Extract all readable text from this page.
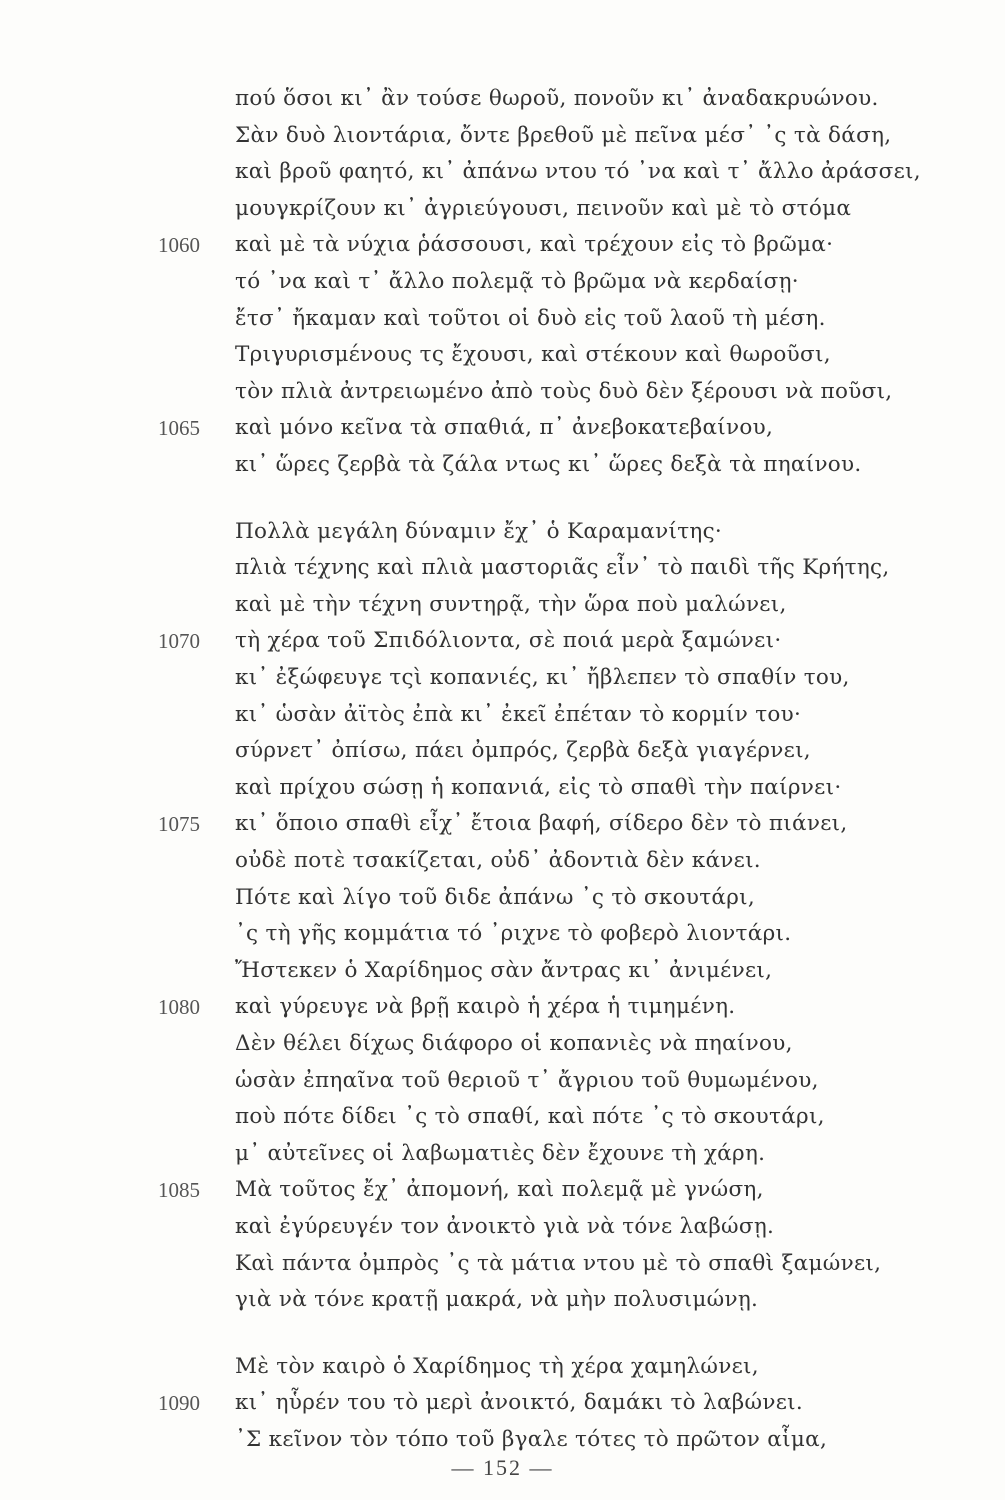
πού ὅσοι κι᾿ ἂν τούσε θωροῦ, πονοῦν κι᾿ ἀναδακρυώνου.
Σὰν δυὸ λιοντάρια, ὄντε βρεθοῦ μὲ πεῖνα μέσ᾿ ᾿ς τὰ δάση,
καὶ βροῦ φαητό, κι᾿ ἀπάνω ντου τό ᾿να καὶ τ᾿ ἄλλο ἀράσσει,
μουγκρίζουν κι᾿ ἀγριεύγουσι, πεινοῦν καὶ μὲ τὸ στόμα
1060 καὶ μὲ τὰ νύχια ῥάσσουσι, καὶ τρέχουν εἰς τὸ βρῶμα·
τό ᾿να καὶ τ᾿ ἄλλο πολεμᾷ τὸ βρῶμα νὰ κερδαίσῃ·
ἔτσ᾿ ἤκαμαν καὶ τοῦτοι οἱ δυὸ εἰς τοῦ λαοῦ τὴ μέση.
Τριγυρισμένους τς ἔχουσι, καὶ στέκουν καὶ θωροῦσι,
τὸν πλιὰ ἀντρειωμένο ἀπὸ τοὺς δυὸ δὲν ξέρουσι νὰ ποῦσι,
1065 καὶ μόνο κεῖνα τὰ σπαθιά, π᾿ ἀνεβοκατεβαίνου,
κι᾿ ὥρες ζερβὰ τὰ ζάλα ντως κι᾿ ὥρες δεξὰ τὰ πηαίνου.
Πολλὰ μεγάλη δύναμιν ἔχ᾿ ὁ Καραμανίτης·
πλιὰ τέχνης καὶ πλιὰ μαστοριᾶς εἶν᾿ τὸ παιδὶ τῆς Κρήτης,
καὶ μὲ τὴν τέχνη συντηρᾷ, τὴν ὥρα ποὺ μαλώνει,
1070 τὴ χέρα τοῦ Σπιδόλιοντα, σὲ ποιά μερὰ ξαμώνει·
κι᾿ ἐξώφευγε τςὶ κοπανιές, κι᾿ ἤβλεπεν τὸ σπαθίν του,
κι᾿ ὡσὰν ἀϊτὸς ἐπὰ κι᾿ ἐκεῖ ἐπέταν τὸ κορμίν του·
σύρνετ᾿ ὀπίσω, πάει ὀμπρός, ζερβὰ δεξὰ γιαγέρνει,
καὶ πρίχου σώσῃ ἡ κοπανιά, εἰς τὸ σπαθὶ τὴν παίρνει·
1075 κι᾿ ὅποιο σπαθὶ εἶχ᾿ ἔτοια βαφή, σίδερο δὲν τὸ πιάνει,
οὐδὲ ποτὲ τσακίζεται, οὐδ᾿ ἀδοντιὰ δὲν κάνει.
Πότε καὶ λίγο τοῦ διδε ἀπάνω ᾿ς τὸ σκουτάρι,
᾿ς τὴ γῆς κομμάτια τό ᾿ριχνε τὸ φοβερὸ λιοντάρι.
Ἤστεκεν ὁ Χαρίδημος σὰν ἄντρας κι᾿ ἀνιμένει,
1080 καὶ γύρευγε νὰ βρῇ καιρὸ ἡ χέρα ἡ τιμημένη.
Δὲν θέλει δίχως διάφορο οἱ κοπανιὲς νὰ πηαίνου,
ὡσὰν ἐπηαῖνα τοῦ θεριοῦ τ᾿ ἄγριου τοῦ θυμωμένου,
ποὺ πότε δίδει ᾿ς τὸ σπαθί, καὶ πότε ᾿ς τὸ σκουτάρι,
μ᾿ αὐτεῖνες οἱ λαβωματιὲς δὲν ἔχουνε τὴ χάρη.
1085 Μὰ τοῦτος ἔχ᾿ ἀπομονή, καὶ πολεμᾷ μὲ γνώση,
καὶ ἐγύρευγέν τον ἀνοικτὸ γιὰ νὰ τόνε λαβώσῃ.
Καὶ πάντα ὀμπρὸς ᾿ς τὰ μάτια ντου μὲ τὸ σπαθὶ ξαμώνει,
γιὰ νὰ τόνε κρατῇ μακρά, νὰ μὴν πολυσιμώνῃ.
Μὲ τὸν καιρὸ ὁ Χαρίδημος τὴ χέρα χαμηλώνει,
1090 κι᾿ ηὗρέν του τὸ μερὶ ἀνοικτό, δαμάκι τὸ λαβώνει.
᾿Σ κεῖνον τὸν τόπο τοῦ βγαλε τότες τὸ πρῶτον αἷμα,
— 152 —
